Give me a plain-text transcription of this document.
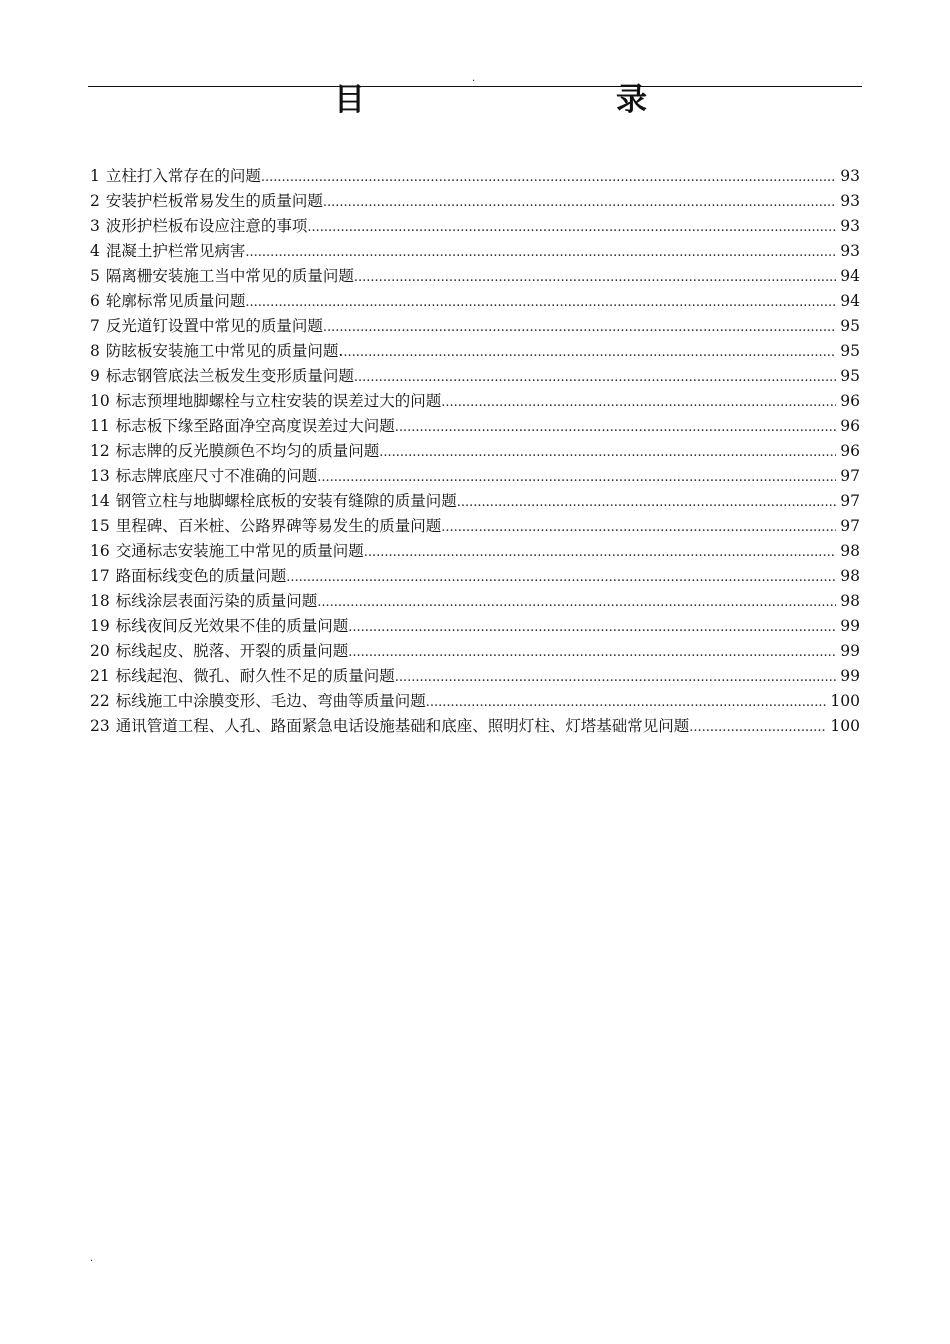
.
目	录
1 立柱打入常存在的问题 .....	93
2 安装护栏板常易发生的质量问题 .....	93
3 波形护栏板布设应注意的事项 .....	93
4 混凝土护栏常见病害 .....	93
5 隔离栅安装施工当中常见的质量问题 .....	94
6 轮廓标常见质量问题 .....	94
7 反光道钉设置中常见的质量问题 .....	95
8 防眩板安装施工中常见的质量问题. .....	95
9 标志钢管底法兰板发生变形质量问题 .....	95
10 标志预埋地脚螺栓与立柱安装的误差过大的问题 .....	96
11 标志板下缘至路面净空高度误差过大问题 .....	96
12 标志牌的反光膜颜色不均匀的质量问题 .....	96
13 标志牌底座尺寸不准确的问题 .....	97
14 钢管立柱与地脚螺栓底板的安装有缝隙的质量问题 .....	97
15 里程碑、百米桩、公路界碑等易发生的质量问题 .....	97
16 交通标志安装施工中常见的质量问题 .....	98
17 路面标线变色的质量问题 .....	98
18 标线涂层表面污染的质量问题 .....	98
19 标线夜间反光效果不佳的质量问题 .....	99
20 标线起皮、脱落、开裂的质量问题 .....	99
21 标线起泡、微孔、耐久性不足的质量问题 .....	99
22 标线施工中涂膜变形、毛边、弯曲等质量问题 .....	100
23 通讯管道工程、人孔、路面紧急电话设施基础和底座、照明灯柱、灯塔基础常见问题 .....	100
.
